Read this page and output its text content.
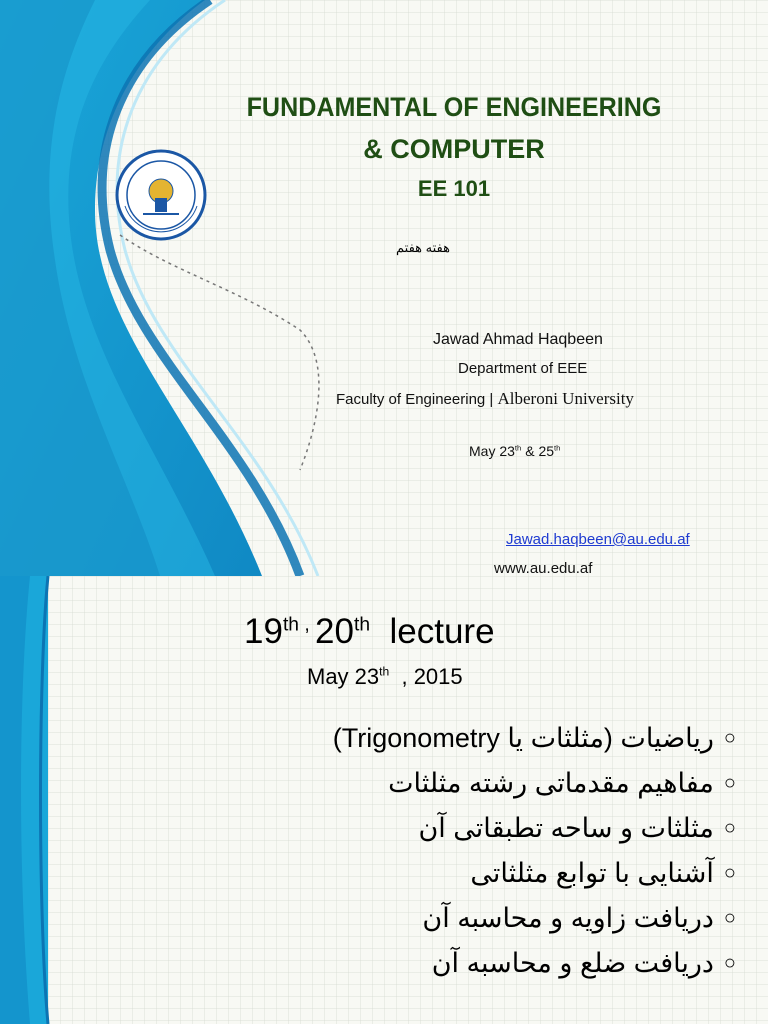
FUNDAMENTAL OF ENGINEERING
& COMPUTER
EE 101
هفته هفتم
Jawad Ahmad Haqbeen
Department of EEE
Faculty of Engineering | Alberoni University
May 23th & 25th
Jawad.haqbeen@au.edu.af
www.au.edu.af
19th , 20th  lecture
May 23th  , 2015
○
رياضيات (مثلثات يا Trigonometry)
○
مفاهيم مقدماتی رشته مثلثات
○
مثلثات و ساحه تطبقاتی آن
○
آشنایی با توابع مثلثاتی
○
دریافت زاویه و محاسبه آن
○
دریافت ضلع و محاسبه آن
